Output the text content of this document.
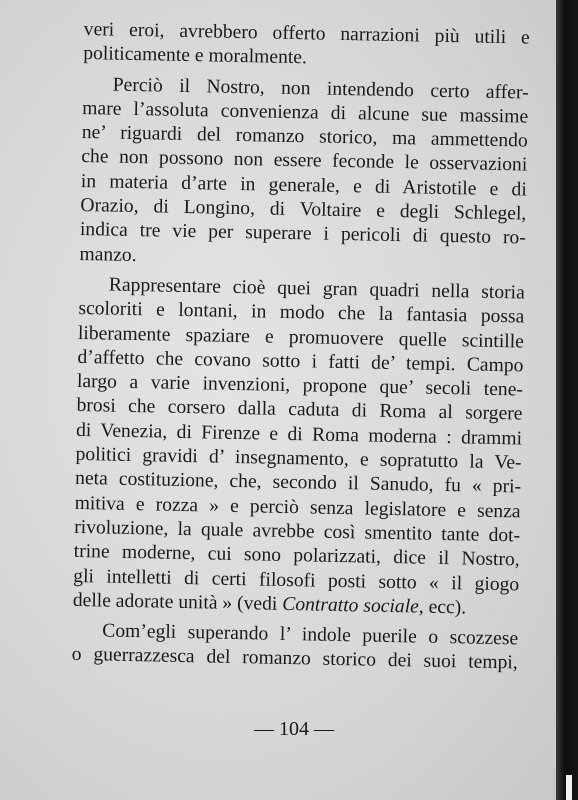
veri eroi, avrebbero offerto narrazioni più utili e
politicamente e moralmente.
Perciò il Nostro, non intendendo certo affer-
mare l’assoluta convenienza di alcune sue massime
ne’ riguardi del romanzo storico, ma ammettendo
che non possono non essere feconde le osservazioni
in materia d’arte in generale, e di Aristotile e di
Orazio, di Longino, di Voltaire e degli Schlegel,
indica tre vie per superare i pericoli di questo ro-
manzo.
Rappresentare cioè quei gran quadri nella storia
scoloriti e lontani, in modo che la fantasia possa
liberamente spaziare e promuovere quelle scintille
d’affetto che covano sotto i fatti de’ tempi. Campo
largo a varie invenzioni, propone que’ secoli tene-
brosi che corsero dalla caduta di Roma al sorgere
di Venezia, di Firenze e di Roma moderna : drammi
politici gravidi d’ insegnamento, e sopratutto la Ve-
neta costituzione, che, secondo il Sanudo, fu « pri-
mitiva e rozza » e perciò senza legislatore e senza
rivoluzione, la quale avrebbe così smentito tante dot-
trine moderne, cui sono polarizzati, dice il Nostro,
gli intelletti di certi filosofi posti sotto « il giogo
delle adorate unità » (vedi Contratto sociale, ecc).
Com’egli superando l’ indole puerile o scozzese
o guerrazzesca del romanzo storico dei suoi tempi,
— 104 —
